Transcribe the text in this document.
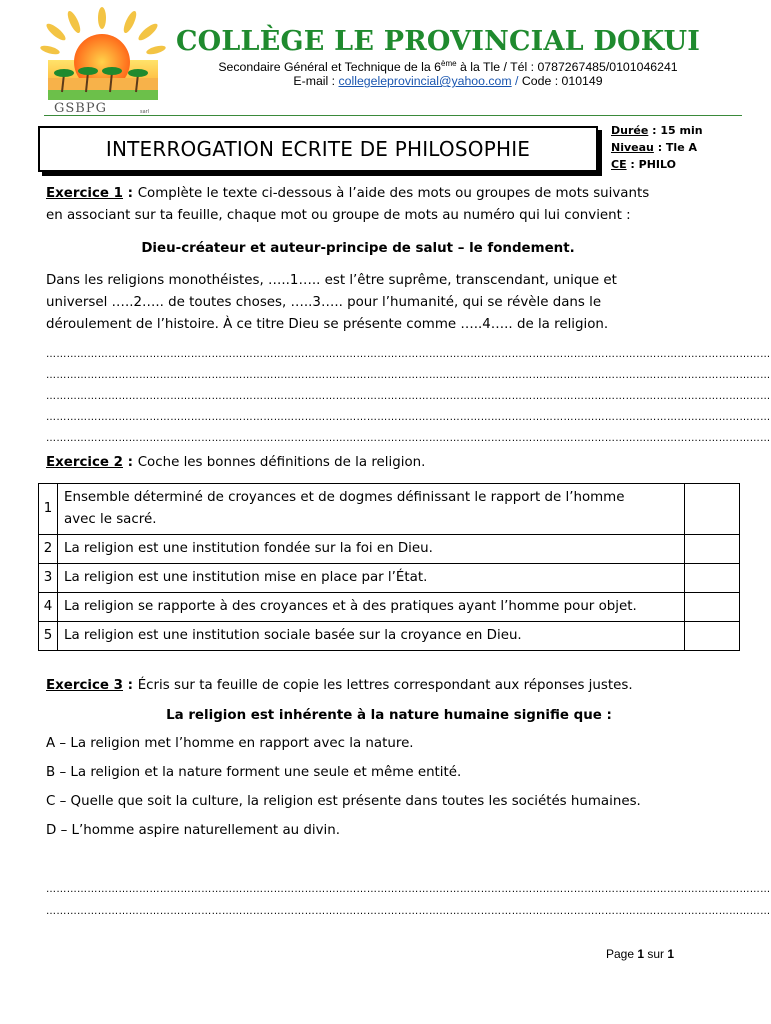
GSBPG	sarl
COLLÈGE LE PROVINCIAL DOKUI
Secondaire Général et Technique de la 6ème à la Tle / Tél : 0787267485/0101046241
E-mail : collegeleprovincial@yahoo.com / Code : 010149
INTERROGATION ECRITE DE PHILOSOPHIE
Durée : 15 min
Niveau : Tle A
CE : PHILO
Exercice 1 : Complète le texte ci-dessous à l’aide des mots ou groupes de mots suivants
en associant sur ta feuille, chaque mot ou groupe de mots au numéro qui lui convient :
Dieu-créateur et auteur-principe de salut – le fondement.
Dans les religions monothéistes, …..1….. est l’être suprême, transcendant, unique et
universel …..2….. de toutes choses, …..3….. pour l’humanité, qui se révèle dans le
déroulement de l’histoire. À ce titre Dieu se présente comme …..4….. de la religion.
…………………………………………………………………………………………………………………………………………………………………………………………
…………………………………………………………………………………………………………………………………………………………………………………………
…………………………………………………………………………………………………………………………………………………………………………………………
…………………………………………………………………………………………………………………………………………………………………………………………
…………………………………………………………………………………………………………………………………………………………………………………………
Exercice 2 : Coche les bonnes définitions de la religion.
1	Ensemble déterminé de croyances et de dogmes définissant le rapport de l’homme
avec le sacré.	

2	La religion est une institution fondée sur la foi en Dieu.	
3	La religion est une institution mise en place par l’État.	
4	La religion se rapporte à des croyances et à des pratiques ayant l’homme pour objet.	
5	La religion est une institution sociale basée sur la croyance en Dieu.	
Exercice 3 : Écris sur ta feuille de copie les lettres correspondant aux réponses justes.
La religion est inhérente à la nature humaine signifie que :
A – La religion met l’homme en rapport avec la nature.
B – La religion et la nature forment une seule et même entité.
C – Quelle que soit la culture, la religion est présente dans toutes les sociétés humaines.
D – L’homme aspire naturellement au divin.
…………………………………………………………………………………………………………………………………………………………………………………………
…………………………………………………………………………………………………………………………………………………………………………………………
Page 1 sur 1
